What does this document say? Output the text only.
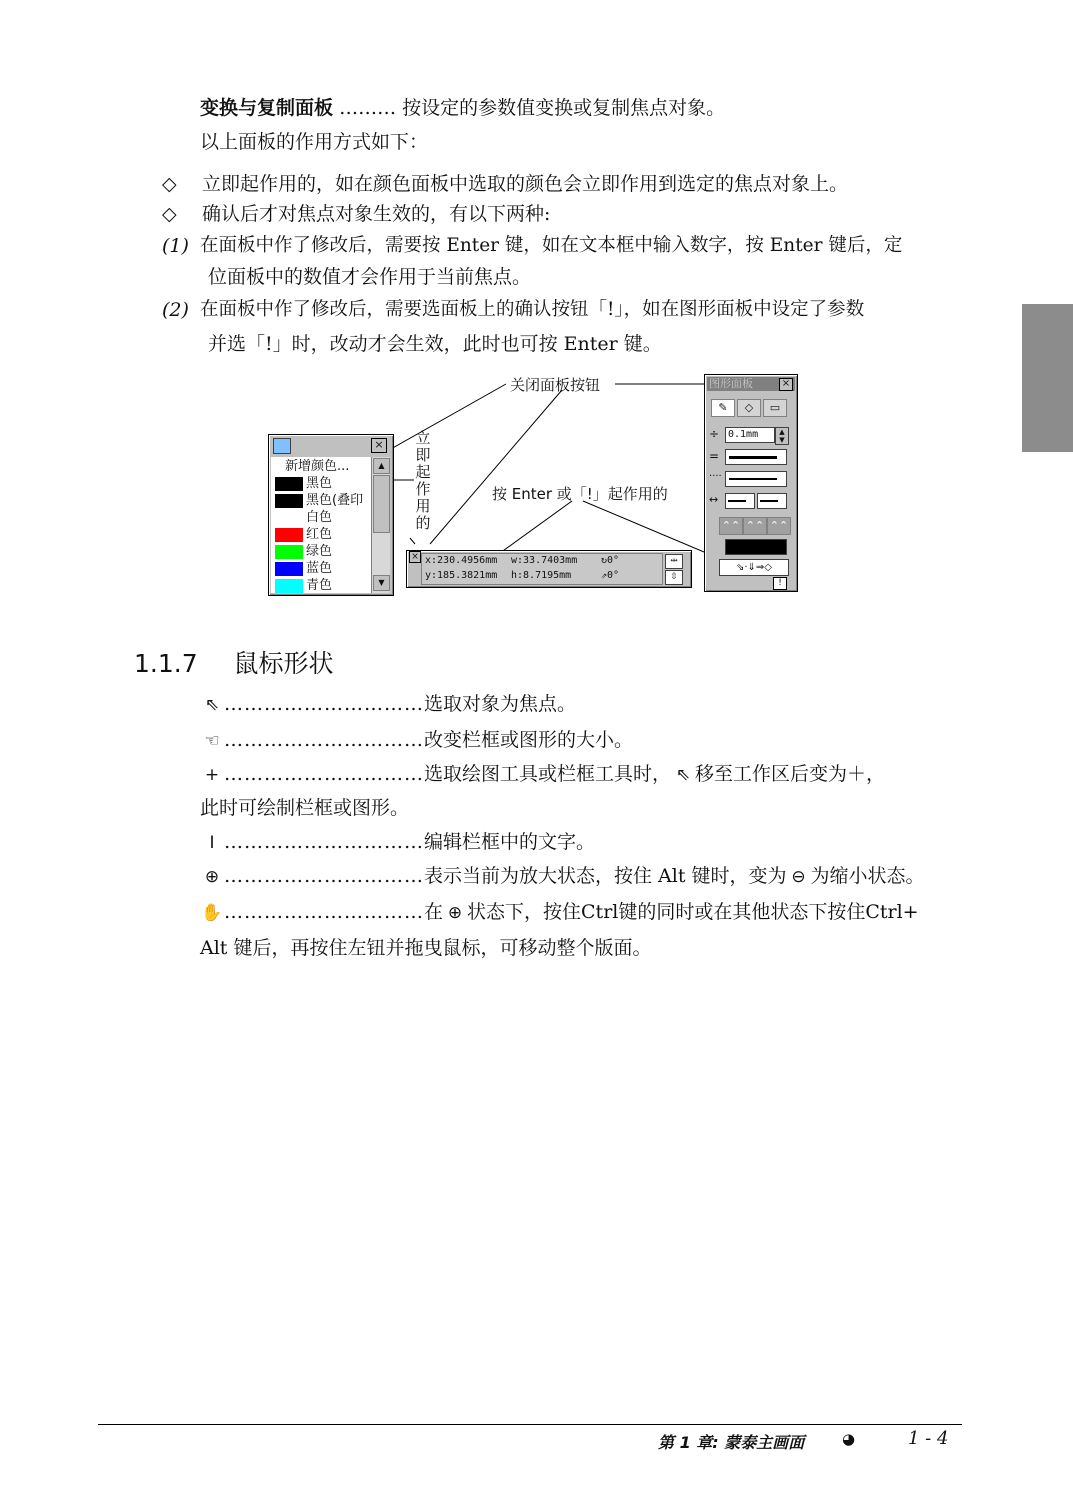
变换与复制面板 ……… 按设定的参数值变换或复制焦点对象。
以上面板的作用方式如下：
◇ 立即起作用的，如在颜色面板中选取的颜色会立即作用到选定的焦点对象上。
◇ 确认后才对焦点对象生效的，有以下两种:
(1) 在面板中作了修改后，需要按 Enter 键，如在文本框中输入数字，按 Enter 键后，定
位面板中的数值才会作用于当前焦点。
(2) 在面板中作了修改后，需要选面板上的确认按钮「!」，如在图形面板中设定了参数
并选「!」时，改动才会生效，此时也可按 Enter 键。
关闭面板按钮
按 Enter 或「!」起作用的
立
即
起
作
用
的
×
新增颜色...
黑色
黑色(叠印
白色
红色
绿色
蓝色
青色
▲
▼
× x:230.4956mm
y:185.3821mm
w:33.7403mm
h:8.7195mm
↻0°
⇗0°
⇹
⇳
图形面板	×
✎	◇	▭
÷ 0.1mm	▲
▼
=
····
↔
⌃⌃ ⌃⌃ ⌃⌃
⇘·⇓⇒◇
!
1.1.7 鼠标形状
⇖ …………………………选取对象为焦点。
☜ …………………………改变栏框或图形的大小。
+ …………………………选取绘图工具或栏框工具时， ⇖ 移至工作区后变为＋，
此时可绘制栏框或图形。
I …………………………编辑栏框中的文字。
⊕ …………………………表示当前为放大状态，按住 Alt 键时，变为 ⊖ 为缩小状态。
✋…………………………在 ⊕ 状态下，按住Ctrl键的同时或在其他状态下按住Ctrl+
Alt 键后，再按住左钮并拖曳鼠标，可移动整个版面。
第 1 章: 蒙泰主画面	◕	1 - 4
